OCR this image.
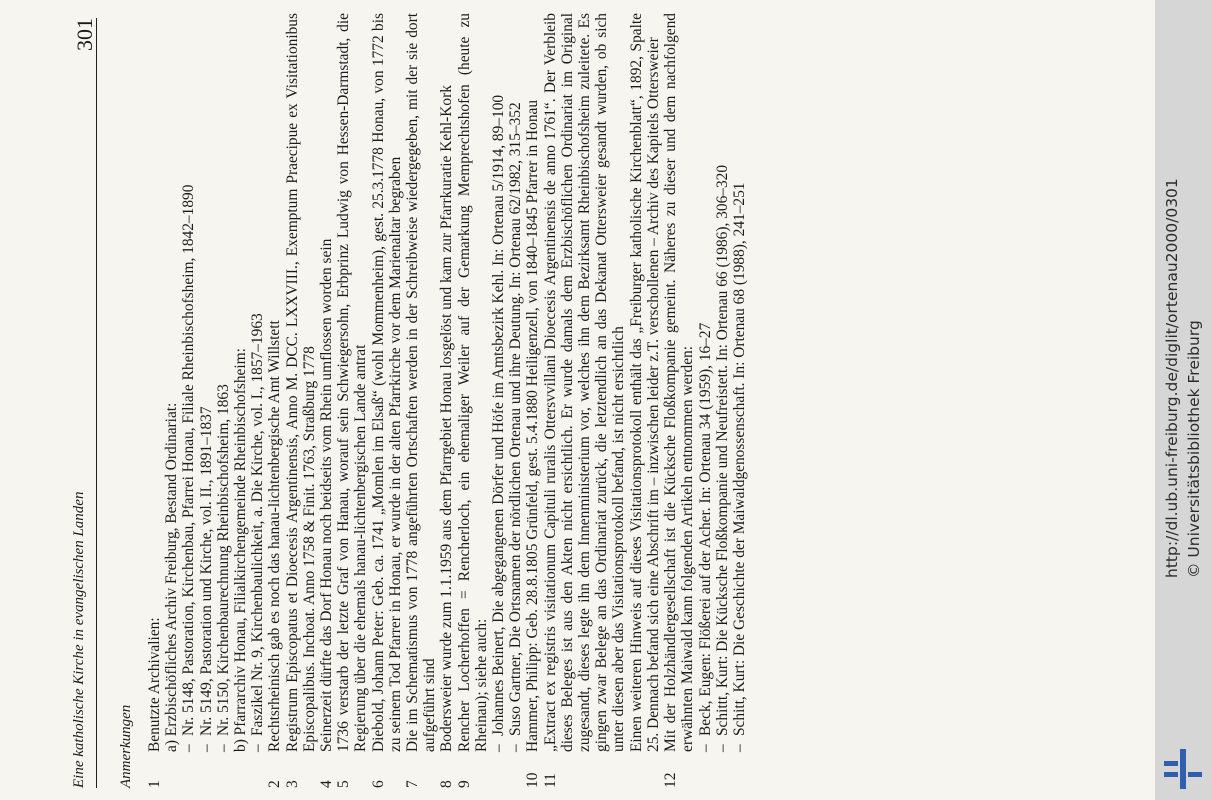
Eine katholische Kirche in evangelischen Landen
301
Anmerkungen 1
Benutzte Archivalien: a) Erzbischöfliches Archiv Freiburg, Bestand Ordinariat: –
Nr. 5148, Pastoration, Kirchenbau, Pfarrei Honau, Filiale Rheinbischofsheim, 1842–1890
–
Nr. 5149, Pastoration und Kirche, vol. II., 1891–1837
–
Nr. 5150, Kirchenbaurechnung Rheinbischofsheim, 1863 b) Pfarrarchiv Honau, Filialkirchengemeinde Rheinbischofsheim: –
Faszikel Nr. 9, Kirchenbaulichkeit, a. Die Kirche, vol. I., 1857–1963
2
Rechtsrheinisch gab es noch das hanau-lichtenbergische Amt Willstett
3
Registrum Episcopatus et Dioecesis Argentinensis, Anno M. DCC. LXXVIII., Exemptum Praecipue ex Visitationibus Episcopalibus. Inchoat. Anno 1758 & Finit. 1763, Straßburg 1778
4
Seinerzeit dürfte das Dorf Honau noch beidseits vom Rhein umflossen worden sein
5
1736 verstarb der letzte Graf von Hanau, worauf sein Schwiegersohn, Erbprinz Ludwig von Hessen-Darmstadt, die Regierung über die ehemals hanau-lichtenbergischen Lande antrat
6
Diebold, Johann Peter: Geb. ca. 1741 „Momlen im Elsaß“ (wohl Mommenheim), gest. 25.3.1778 Honau, von 1772 bis zu seinem Tod Pfarrer in Honau, er wurde in der alten Pfarrkirche vor dem Marienaltar begraben
7
Die im Schematismus von 1778 angeführten Ortschaften werden in der Schreibweise wiedergegeben, mit der sie dort aufgeführt sind
8
Bodersweier wurde zum 1.1.1959 aus dem Pfarrgebiet Honau losgelöst und kam zur Pfarrkuratie Kehl-Kork
9
Rencher Locherhoffen = Rencherloch, ein ehemaliger Weiler auf der Gemarkung Memprechtshofen (heute zu Rheinau); siehe auch: –
Johannes Beinert, Die abgegangenen Dörfer und Höfe im Amtsbezirk Kehl. In: Ortenau 5/1914, 89–100
–
Suso Gartner, Die Ortsnamen der nördlichen Ortenau und ihre Deutung. In: Ortenau 62/1982, 315–352
10
Hammer, Philipp: Geb. 28.8.1805 Grünfeld, gest. 5.4.1880 Heiligenzell, von 1840–1845 Pfarrer in Honau
11
„Extract ex registris visitationum Capituli ruralis Ottersvvillani Dioecesis Argentinensis de anno 1761“. Der Verbleib dieses Beleges ist aus den Akten nicht ersichtlich. Er wurde damals dem Erzbischöflichen Ordinariat im Original zugesandt, dieses legte ihn dem Innenministerium vor, welches ihn dem Bezirksamt Rheinbischofsheim zuleitete. Es gingen zwar Belege an das Ordinariat zurück, die letztendlich an das Dekanat Ottersweier gesandt wurden, ob sich unter diesen aber das Visitationsprotokoll befand, ist nicht ersichtlich Einen weiteren Hinweis auf dieses Visitationsprotokoll enthält das „Freiburger katholische Kirchenblatt“, 1892, Spalte 25. Dennach befand sich eine Abschrift im – inzwischen leider z.T. verschollenen – Archiv des Kapitels Ottersweier
12
Mit der Holzhändlergesellschaft ist die Kücksche Floßkompanie gemeint. Näheres zu dieser und dem nachfolgend erwähnten Maiwald kann folgenden Artikeln entnommen werden: –
Beck, Eugen: Flößerei auf der Acher. In: Ortenau 34 (1959), 16–27
–
Schittt, Kurt: Die Kücksche Floßkompanie und Neufreistett. In: Ortenau 66 (1986), 306–320
–
Schitt, Kurt: Die Geschichte der Maiwaldgenossenschaft. In: Ortenau 68 (1988), 241–251	http://dl.ub.uni-freiburg.de/diglit/ortenau2000/0301 © Universitätsbibliothek Freiburg
